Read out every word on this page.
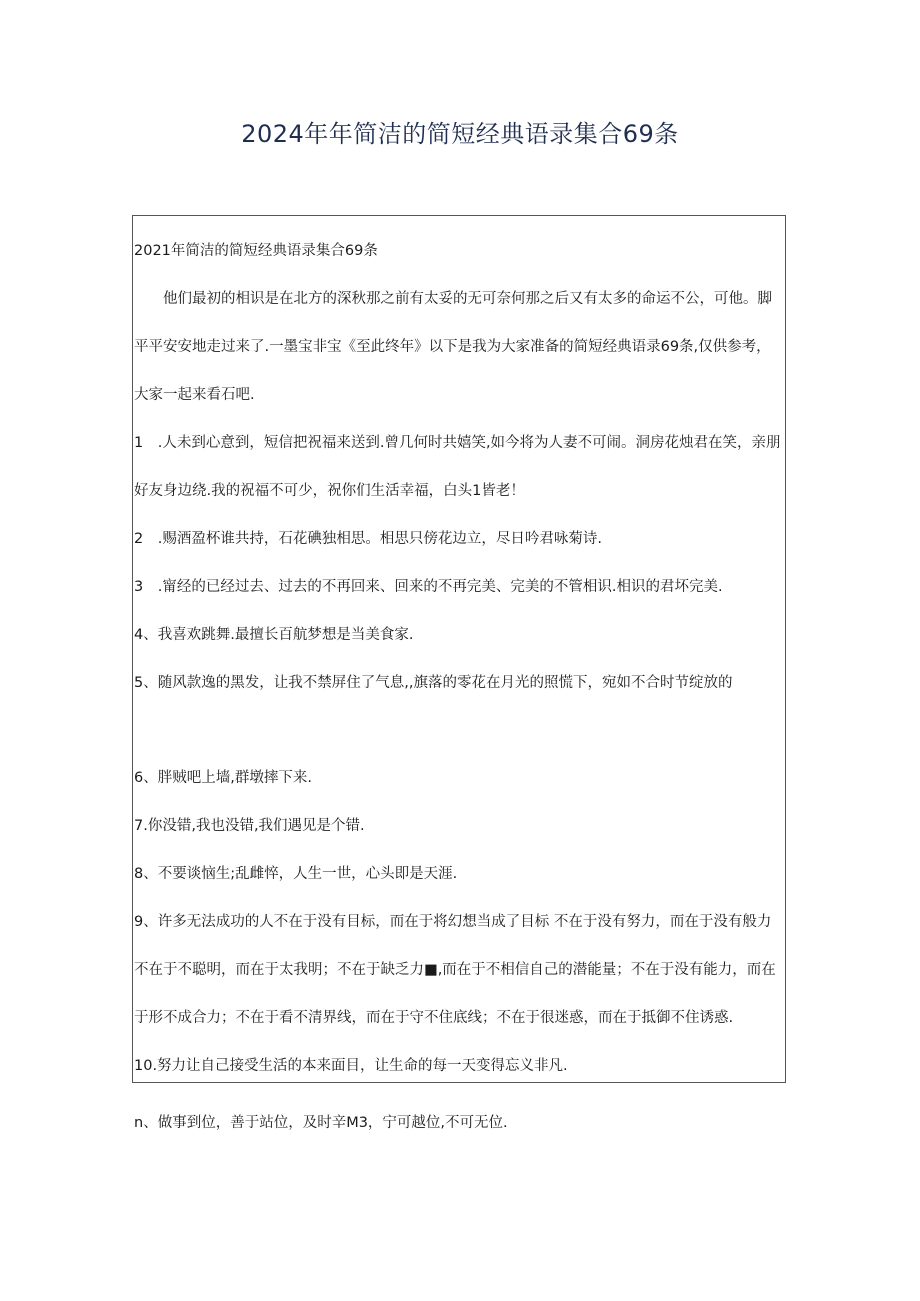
2024年年简洁的简短经典语录集合69条
2021年简洁的简短经典语录集合69条
　　他们最初的相识是在北方的深秋那之前有太妥的无可奈何那之后又有太多的命运不公，可他。脚
平平安安地走过来了.一墨宝非宝《至此终年》以下是我为大家准备的简短经典语录69条,仅供参考，
大家一起来看石吧.
1　.人未到心意到，短信把祝福来送到.曾几何时共嬉笑,如今将为人妻不可闹。洞房花烛君在笑，亲朋
好友身边绕.我的祝福不可少，祝你们生活幸福，白头1皆老！
2　.赐酒盈杯谁共持，石花碘独相思。相思只傍花边立，尽日吟君咏菊诗.
3　.甯经的已经过去、过去的不再回来、回来的不再完美、完美的不管相识.相识的君坏完美.
4、我喜欢跳舞.最擅长百航梦想是当美食家.
5、随风款逸的黑发，让我不禁屏住了气息,,旗落的零花在月光的照慌下，宛如不合时节绽放的
6、胖贼吧上墙,群墩摔下来.
7.你没错,我也没错,我们遇见是个错.
8、不要谈恼生;乱雌悴，人生一世，心头即是天涯.
9、许多无法成功的人不在于没有目标，而在于将幻想当成了目标 不在于没有努力，而在于没有般力
不在于不聪明，而在于太我明；不在于缺乏力■,而在于不相信自己的潜能量；不在于没有能力，而在
于形不成合力；不在于看不清界线，而在于守不住底线；不在于很迷惑，而在于抵御不住诱惑.
10.努力让自己接受生活的本来面目，让生命的每一天变得忘义非凡.
n、做事到位，善于站位，及时辛M3，宁可越位,不可无位.
